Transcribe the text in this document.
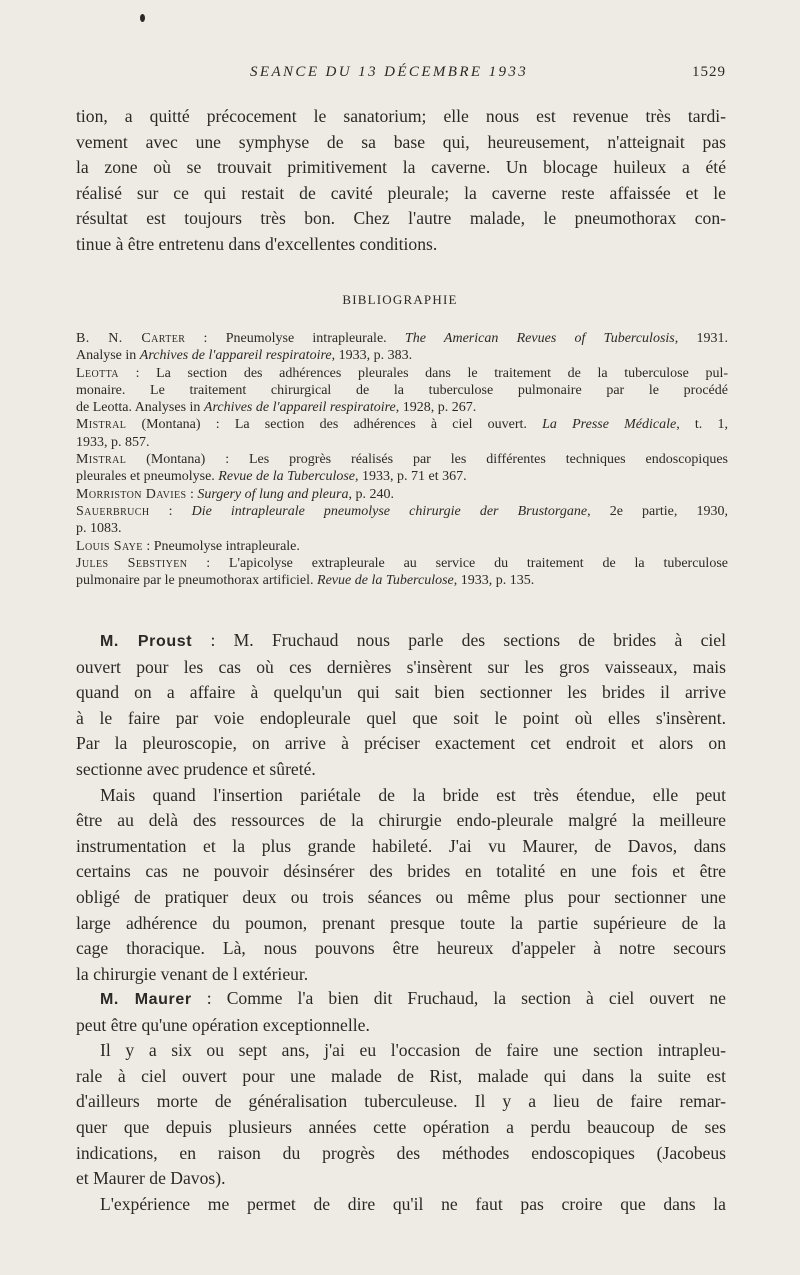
SEANCE DU 13 DÉCEMBRE 1933	1529

tion, a quitté précocement le sanatorium; elle nous est revenue très tardi-
vement avec une symphyse de sa base qui, heureusement, n'atteignait pas
la zone où se trouvait primitivement la caverne. Un blocage huileux a été
réalisé sur ce qui restait de cavité pleurale; la caverne reste affaissée et le
résultat est toujours très bon. Chez l'autre malade, le pneumothorax con-
tinue à être entretenu dans d'excellentes conditions.

BIBLIOGRAPHIE

B. N. Carter : Pneumolyse intrapleurale. The American Revues of Tuberculosis, 1931.
Analyse in Archives de l'appareil respiratoire, 1933, p. 383.

Leotta : La section des adhérences pleurales dans le traitement de la tuberculose pul-
monaire. Le traitement chirurgical de la tuberculose pulmonaire par le procédé
de Leotta. Analyses in Archives de l'appareil respiratoire, 1928, p. 267.

Mistral (Montana) : La section des adhérences à ciel ouvert. La Presse Médicale, t. 1,
1933, p. 857.

Mistral (Montana) : Les progrès réalisés par les différentes techniques endoscopiques
pleurales et pneumolyse. Revue de la Tuberculose, 1933, p. 71 et 367.

Morriston Davies : Surgery of lung and pleura, p. 240.

Sauerbruch : Die intrapleurale pneumolyse chirurgie der Brustorgane, 2e partie, 1930,
p. 1083.

Louis Saye : Pneumolyse intrapleurale.

Jules Sebstiyen : L'apicolyse extrapleurale au service du traitement de la tuberculose
pulmonaire par le pneumothorax artificiel. Revue de la Tuberculose, 1933, p. 135.

M. Proust : M. Fruchaud nous parle des sections de brides à ciel
ouvert pour les cas où ces dernières s'insèrent sur les gros vaisseaux, mais
quand on a affaire à quelqu'un qui sait bien sectionner les brides il arrive
à le faire par voie endopleurale quel que soit le point où elles s'insèrent.
Par la pleuroscopie, on arrive à préciser exactement cet endroit et alors on
sectionne avec prudence et sûreté.

Mais quand l'insertion pariétale de la bride est très étendue, elle peut
être au delà des ressources de la chirurgie endo-pleurale malgré la meilleure
instrumentation et la plus grande habileté. J'ai vu Maurer, de Davos, dans
certains cas ne pouvoir désinsérer des brides en totalité en une fois et être
obligé de pratiquer deux ou trois séances ou même plus pour sectionner une
large adhérence du poumon, prenant presque toute la partie supérieure de la
cage thoracique. Là, nous pouvons être heureux d'appeler à notre secours
la chirurgie venant de l extérieur.

M. Maurer : Comme l'a bien dit Fruchaud, la section à ciel ouvert ne
peut être qu'une opération exceptionnelle.

Il y a six ou sept ans, j'ai eu l'occasion de faire une section intrapleu-
rale à ciel ouvert pour une malade de Rist, malade qui dans la suite est
d'ailleurs morte de généralisation tuberculeuse. Il y a lieu de faire remar-
quer que depuis plusieurs années cette opération a perdu beaucoup de ses
indications, en raison du progrès des méthodes endoscopiques (Jacobeus
et Maurer de Davos).

L'expérience me permet de dire qu'il ne faut pas croire que dans la
